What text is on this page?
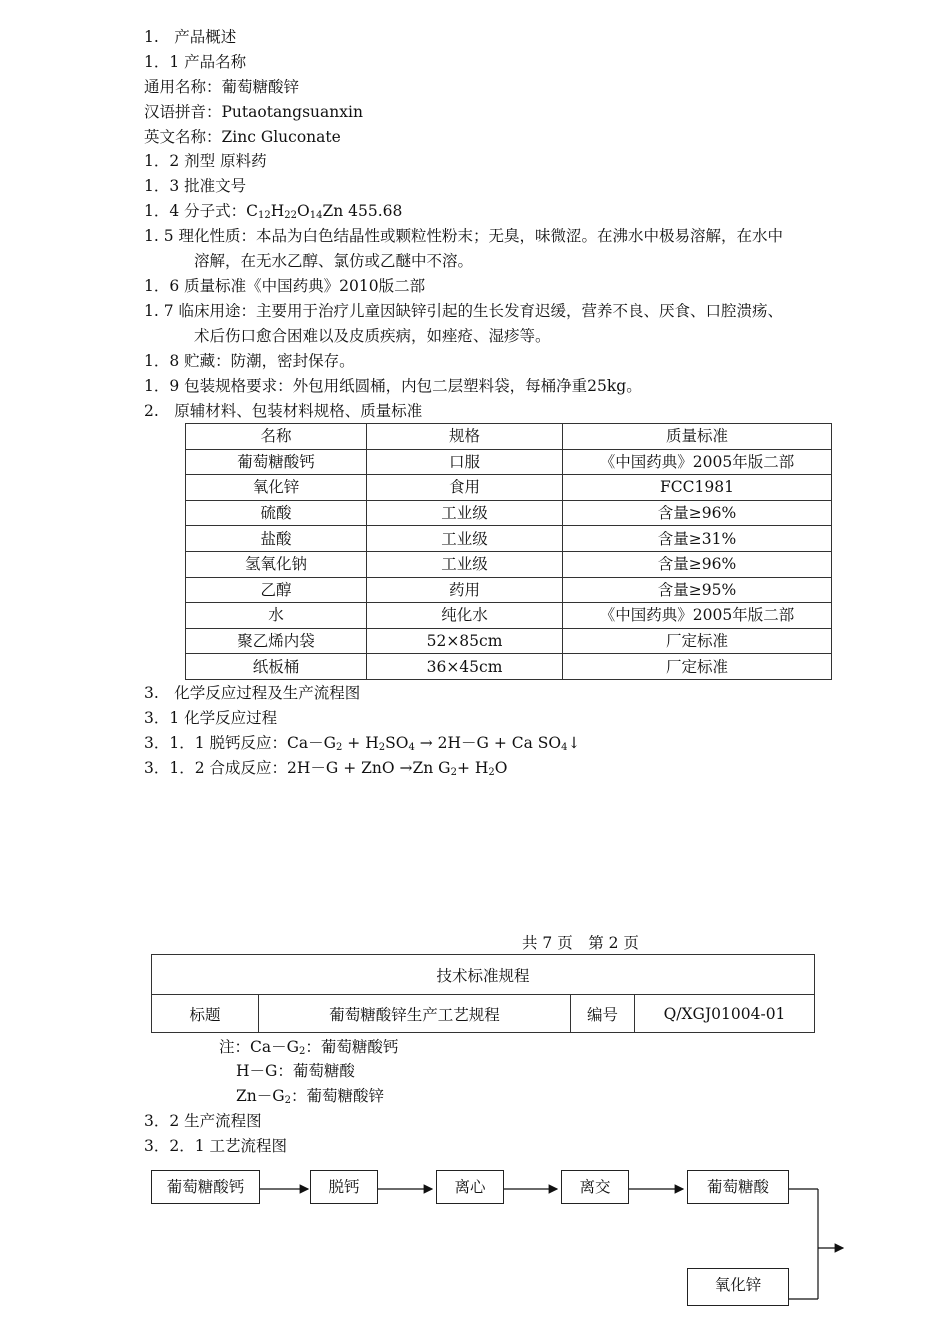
1.　产品概述
1．1 产品名称
通用名称：葡萄糖酸锌
汉语拼音：Putaotangsuanxin
英文名称：Zinc Gluconate
1．2 剂型 原料药
1．3 批准文号
1．4 分子式：$C_{12}H_{22}O_{14}Zn$ 455.68
1. 5 理化性质：本品为白色结晶性或颗粒性粉末；无臭，味微涩。在沸水中极易溶解，在水中
溶解，在无水乙醇、氯仿或乙醚中不溶。
1．6 质量标准《中国药典》2010版二部
1. 7 临床用途：主要用于治疗儿童因缺锌引起的生长发育迟缓，营养不良、厌食、口腔溃疡、
术后伤口愈合困难以及皮质疾病，如痤疮、湿疹等。
1．8 贮藏：防潮，密封保存。
1．9 包装规格要求：外包用纸圆桶，内包二层塑料袋，每桶净重25kg。
2.　原辅材料、包装材料规格、质量标准
名称	规格	质量标准
葡萄糖酸钙	口服	《中国药典》2005年版二部
氧化锌	食用	FCC1981
硫酸	工业级	含量≥96%
盐酸	工业级	含量≥31%
氢氧化钠	工业级	含量≥96%
乙醇	药用	含量≥95%
水	纯化水	《中国药典》2005年版二部
聚乙烯内袋	52×85cm	厂定标准
纸板桶	36×45cm	厂定标准
3.　化学反应过程及生产流程图
3．1 化学反应过程
3．1．1 脱钙反应：$Ca-G_2 + H_2SO_4 \to 2H-G + Ca$ $SO_4↓$
3．1．2 合成反应：2H－G + ZnO →Zn $G_2+ H_2O$
共 7 页　第 2 页
技术标准规程
标题	葡萄糖酸锌生产工艺规程	编号	Q/XGJ01004-01
注：$Ca-G_2$：葡萄糖酸钙
H－G：葡萄糖酸
$Zn-G_2$：葡萄糖酸锌
3．2 生产流程图
3．2．1 工艺流程图
葡萄糖酸钙	脱钙	离心	离交	葡萄糖酸
氧化锌
